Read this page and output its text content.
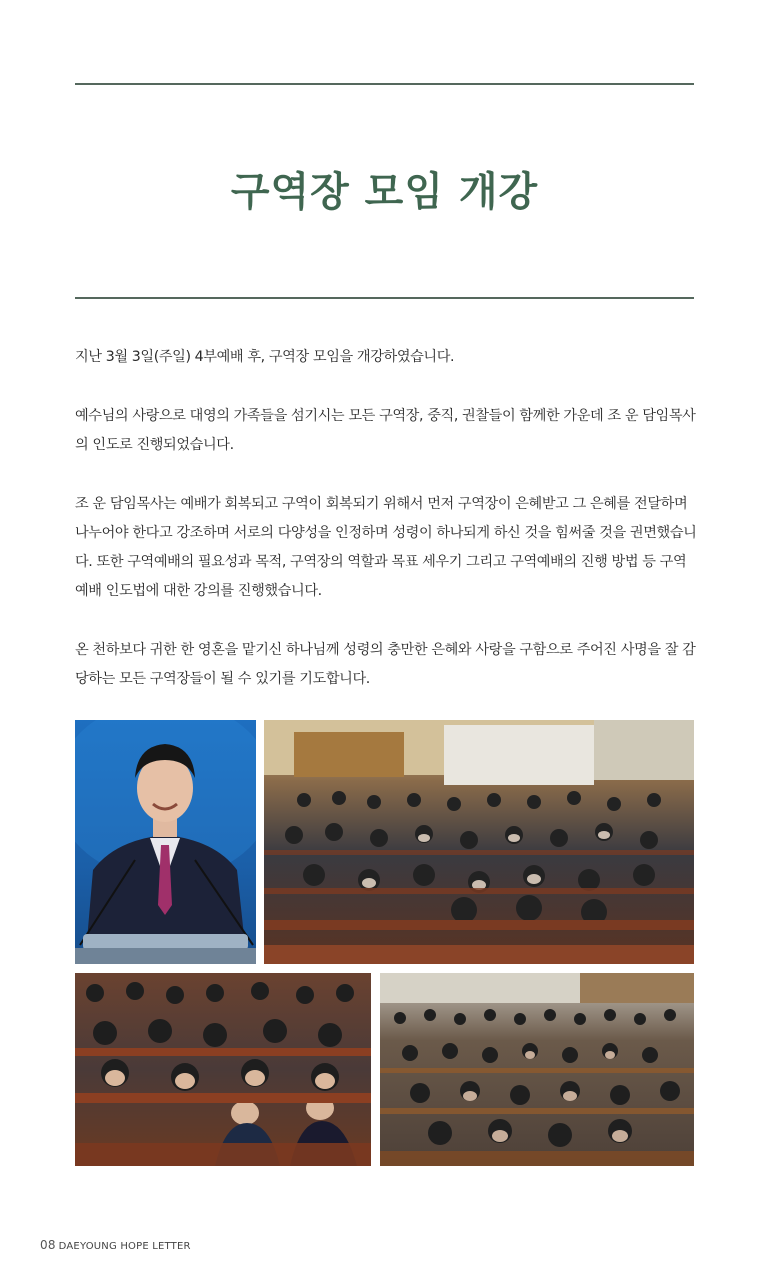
구역장 모임 개강

지난 3월 3일(주일) 4부예배 후, 구역장 모임을 개강하였습니다.

예수님의 사랑으로 대영의 가족들을 섬기시는 모든 구역장, 중직, 권찰들이 함께한 가운데 조 운 담임목사의 인도로 진행되었습니다.

조 운 담임목사는 예배가 회복되고 구역이 회복되기 위해서 먼저 구역장이 은혜받고 그 은혜를 전달하며 나누어야 한다고 강조하며 서로의 다양성을 인정하며 성령이 하나되게 하신 것을 힘써줄 것을 권면했습니다. 또한 구역예배의 필요성과 목적, 구역장의 역할과 목표 세우기 그리고 구역예배의 진행 방법 등 구역예배 인도법에 대한 강의를 진행했습니다.

온 천하보다 귀한 한 영혼을 맡기신 하나님께 성령의 충만한 은혜와 사랑을 구함으로 주어진 사명을 잘 감당하는 모든 구역장들이 될 수 있기를 기도합니다.

08 DAEYOUNG HOPE LETTER
